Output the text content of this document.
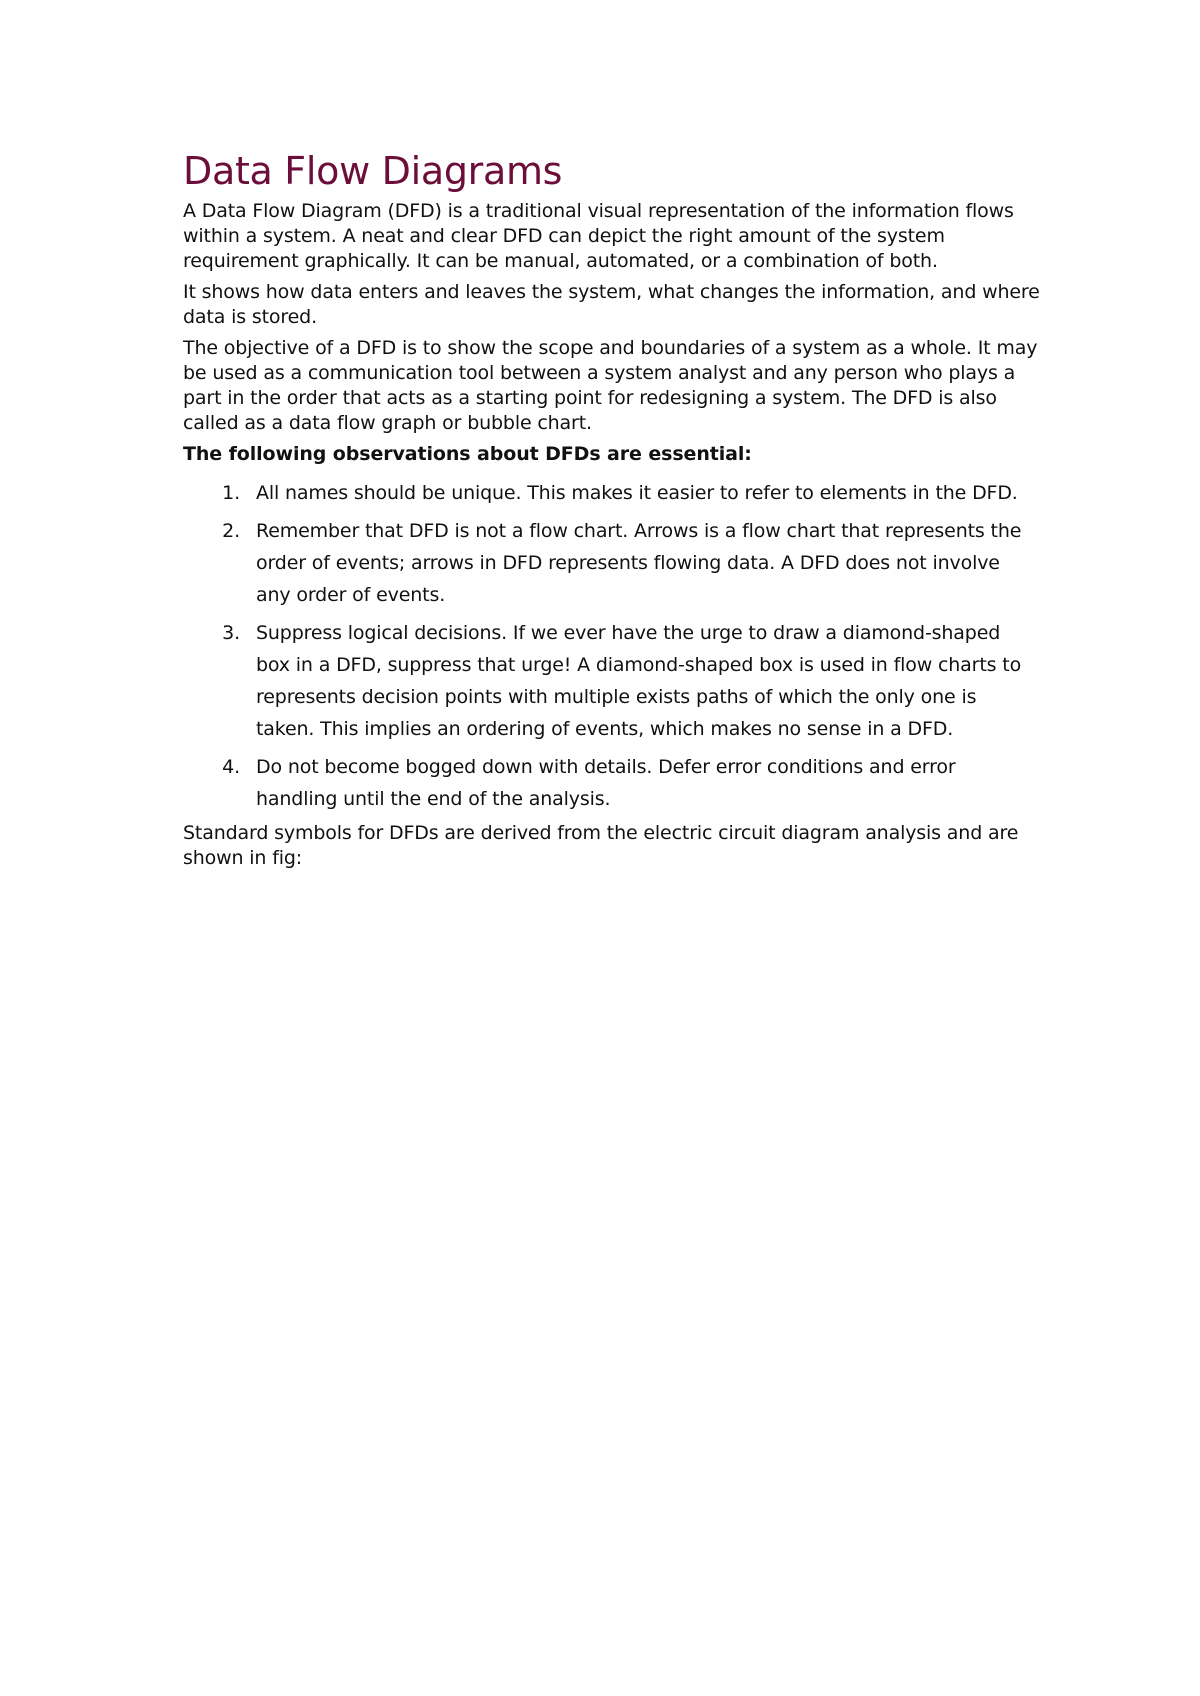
Data Flow Diagrams

A Data Flow Diagram (DFD) is a traditional visual representation of the information flows within a system. A neat and clear DFD can depict the right amount of the system requirement graphically. It can be manual, automated, or a combination of both.

It shows how data enters and leaves the system, what changes the information, and where data is stored.

The objective of a DFD is to show the scope and boundaries of a system as a whole. It may be used as a communication tool between a system analyst and any person who plays a part in the order that acts as a starting point for redesigning a system. The DFD is also called as a data flow graph or bubble chart.

The following observations about DFDs are essential:

1. All names should be unique. This makes it easier to refer to elements in the DFD.
2. Remember that DFD is not a flow chart. Arrows is a flow chart that represents the order of events; arrows in DFD represents flowing data. A DFD does not involve any order of events.
3. Suppress logical decisions. If we ever have the urge to draw a diamond-shaped box in a DFD, suppress that urge! A diamond-shaped box is used in flow charts to represents decision points with multiple exists paths of which the only one is taken. This implies an ordering of events, which makes no sense in a DFD.
4. Do not become bogged down with details. Defer error conditions and error handling until the end of the analysis.

Standard symbols for DFDs are derived from the electric circuit diagram analysis and are shown in fig:
